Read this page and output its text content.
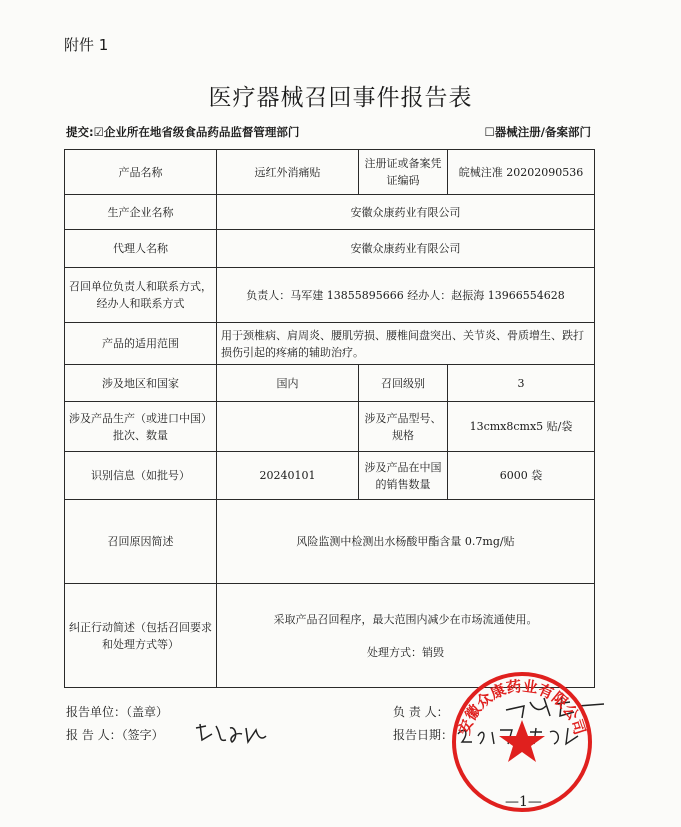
附件 1
医疗器械召回事件报告表
提交:☑企业所在地省级食品药品监督管理部门	☐器械注册/备案部门
产品名称	远红外消痛贴	注册证或备案凭证编码	皖械注准 20202090536
生产企业名称	安徽众康药业有限公司		
代理人名称	安徽众康药业有限公司		
召回单位负责人和联系方式，经办人和联系方式	负责人：马军建 13855895666 经办人：赵振海 13966554628		
产品的适用范围	用于颈椎病、肩周炎、腰肌劳损、腰椎间盘突出、关节炎、骨质增生、跌打损伤引起的疼痛的辅助治疗。		
涉及地区和国家	国内	召回级别	3
涉及产品生产（或进口中国）批次、数量		涉及产品型号、规格	13cmx8cmx5 贴/袋
识别信息（如批号）	20240101	涉及产品在中国的销售数量	6000 袋
召回原因简述	风险监测中检测出水杨酸甲酯含量 0.7mg/贴		
纠正行动简述（包括召回要求和处理方式等）	采取产品召回程序，最大范围内减少在市场流通使用。
处理方式：销毁		
报告单位：（盖章）
报 告 人：（签字）
负 责 人：
报告日期： 安徽众康药业有限公司
—1—
